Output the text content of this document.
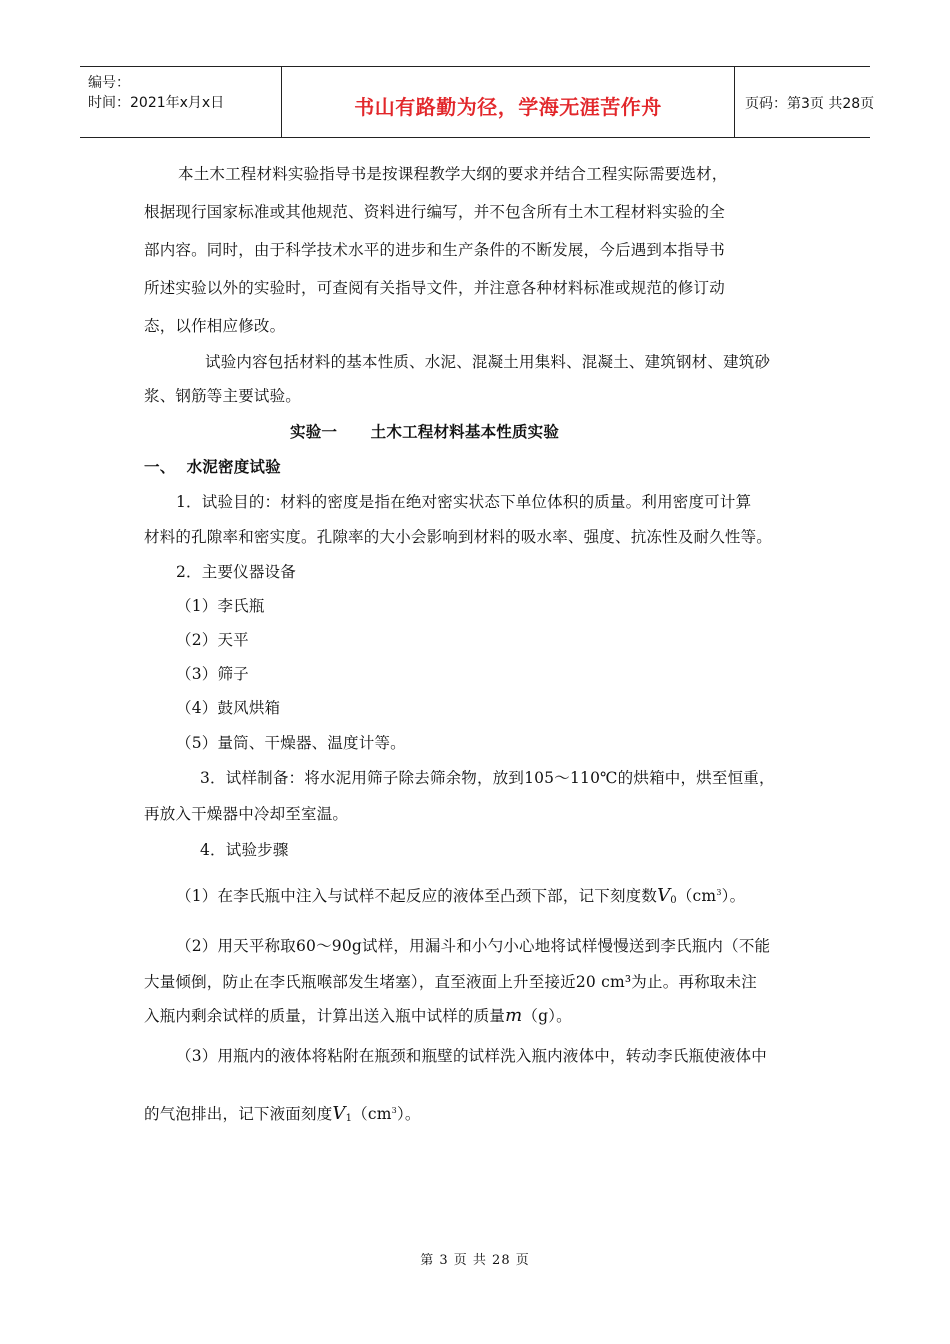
编号：
时间：2021年x月x日	书山有路勤为径，学海无涯苦作舟	页码：第3页 共28页
本土木工程材料实验指导书是按课程教学大纲的要求并结合工程实际需要选材，
根据现行国家标准或其他规范、资料进行编写，并不包含所有土木工程材料实验的全
部内容。同时，由于科学技术水平的进步和生产条件的不断发展，今后遇到本指导书
所述实验以外的实验时，可查阅有关指导文件，并注意各种材料标准或规范的修订动
态，以作相应修改。
试验内容包括材料的基本性质、水泥、混凝土用集料、混凝土、建筑钢材、建筑砂
浆、钢筋等主要试验。
实验一      土木工程材料基本性质实验
一、  水泥密度试验
1．试验目的：材料的密度是指在绝对密实状态下单位体积的质量。利用密度可计算
材料的孔隙率和密实度。孔隙率的大小会影响到材料的吸水率、强度、抗冻性及耐久性等。
2．主要仪器设备
（1）李氏瓶
（2）天平
（3）筛子
（4）鼓风烘箱
（5）量筒、干燥器、温度计等。
3．试样制备：将水泥用筛子除去筛余物，放到105～110℃的烘箱中，烘至恒重，
再放入干燥器中冷却至室温。
4．试验步骤
（1）在李氏瓶中注入与试样不起反应的液体至凸颈下部，记下刻度数$V_0(cm^3)$。
（2）用天平称取60～90g试样，用漏斗和小勺小心地将试样慢慢送到李氏瓶内（不能
大量倾倒，防止在李氏瓶喉部发生堵塞），直至液面上升至接近20 cm³为止。再称取未注
入瓶内剩余试样的质量，计算出送入瓶中试样的质量m（g）。
（3）用瓶内的液体将粘附在瓶颈和瓶壁的试样洗入瓶内液体中，转动李氏瓶使液体中
的气泡排出，记下液面刻度$V_1(cm^3)$。
第 3 页 共 28 页
